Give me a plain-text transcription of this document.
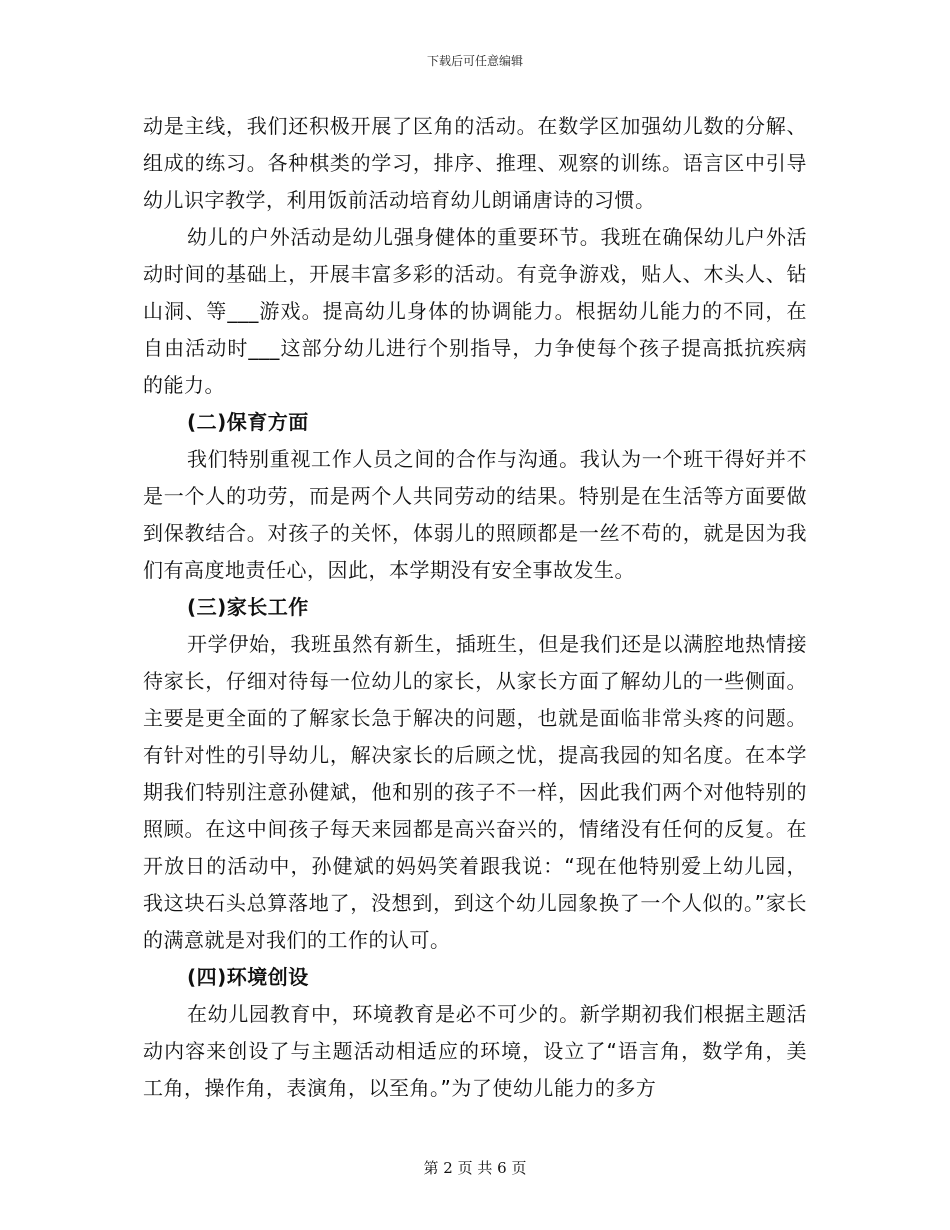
下载后可任意编辑

动是主线，我们还积极开展了区角的活动。在数学区加强幼儿数的分解、组成的练习。各种棋类的学习，排序、推理、观察的训练。语言区中引导幼儿识字教学，利用饭前活动培育幼儿朗诵唐诗的习惯。

幼儿的户外活动是幼儿强身健体的重要环节。我班在确保幼儿户外活动时间的基础上，开展丰富多彩的活动。有竞争游戏，贴人、木头人、钻山洞、等___游戏。提高幼儿身体的协调能力。根据幼儿能力的不同，在自由活动时___这部分幼儿进行个别指导，力争使每个孩子提高抵抗疾病的能力。

(二)保育方面

我们特别重视工作人员之间的合作与沟通。我认为一个班干得好并不是一个人的功劳，而是两个人共同劳动的结果。特别是在生活等方面要做到保教结合。对孩子的关怀，体弱儿的照顾都是一丝不苟的，就是因为我们有高度地责任心，因此，本学期没有安全事故发生。

(三)家长工作

开学伊始，我班虽然有新生，插班生，但是我们还是以满腔地热情接待家长，仔细对待每一位幼儿的家长，从家长方面了解幼儿的一些侧面。主要是更全面的了解家长急于解决的问题，也就是面临非常头疼的问题。有针对性的引导幼儿，解决家长的后顾之忧，提高我园的知名度。在本学期我们特别注意孙健斌，他和别的孩子不一样，因此我们两个对他特别的照顾。在这中间孩子每天来园都是高兴奋兴的，情绪没有任何的反复。在开放日的活动中，孙健斌的妈妈笑着跟我说：“现在他特别爱上幼儿园，我这块石头总算落地了，没想到，到这个幼儿园象换了一个人似的。”家长的满意就是对我们的工作的认可。

(四)环境创设

在幼儿园教育中，环境教育是必不可少的。新学期初我们根据主题活动内容来创设了与主题活动相适应的环境，设立了“语言角，数学角，美工角，操作角，表演角，以至角。”为了使幼儿能力的多方

第 2 页 共 6 页
